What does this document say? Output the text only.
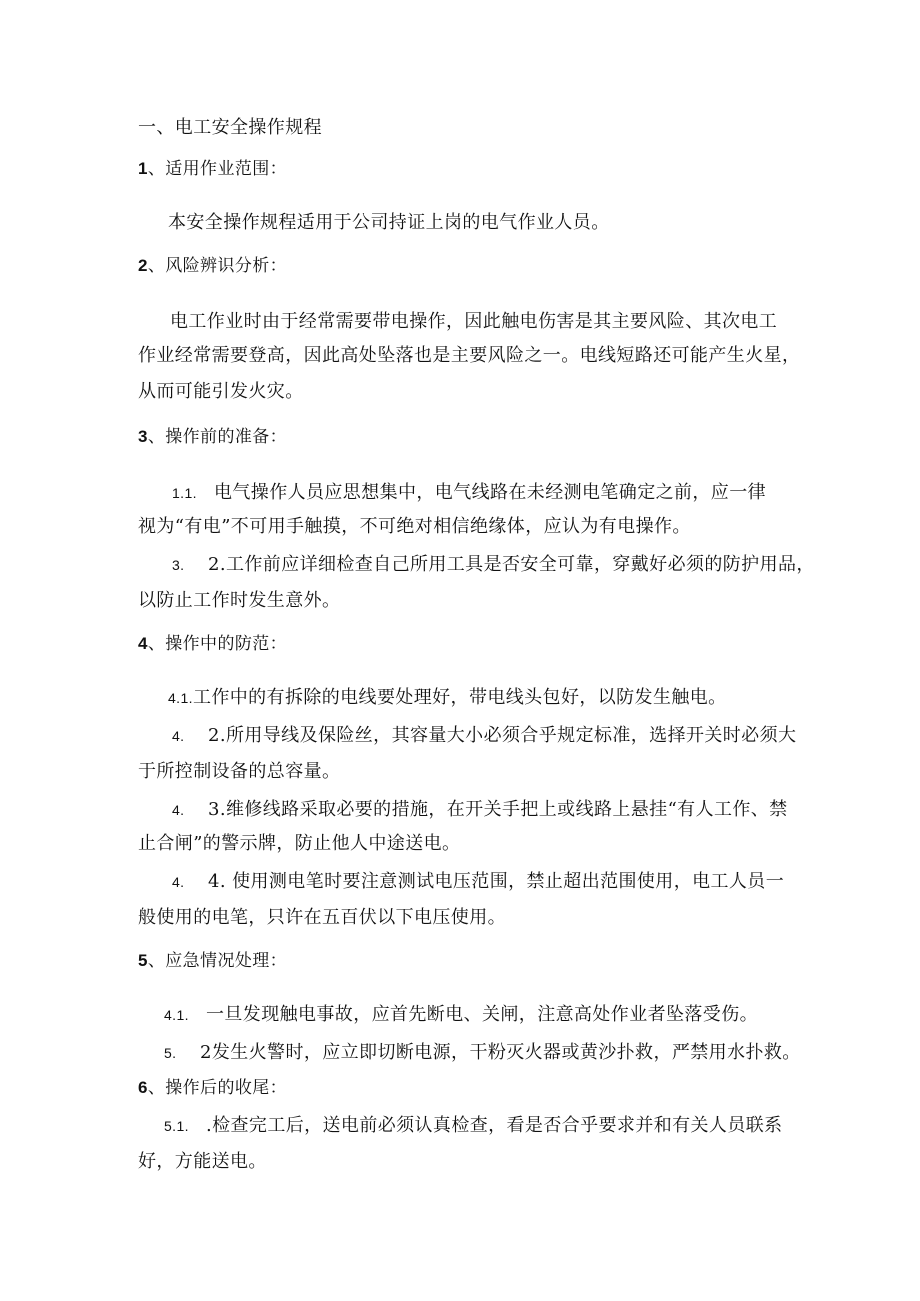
一、电工安全操作规程
1、适用作业范围：
本安全操作规程适用于公司持证上岗的电气作业人员。
2、风险辨识分析：
电工作业时由于经常需要带电操作，因此触电伤害是其主要风险、其次电工
作业经常需要登高，因此高处坠落也是主要风险之一。电线短路还可能产生火星，
从而可能引发火灾。
3、操作前的准备：
1.1. 电气操作人员应思想集中，电气线路在未经测电笔确定之前，应一律
视为“有电”不可用手触摸，不可绝对相信绝缘体，应认为有电操作。
3. 2.工作前应详细检查自己所用工具是否安全可靠，穿戴好必须的防护用品，
以防止工作时发生意外。
4、操作中的防范：
4.1.工作中的有拆除的电线要处理好，带电线头包好，以防发生触电。
4. 2.所用导线及保险丝，其容量大小必须合乎规定标准，选择开关时必须大
于所控制设备的总容量。
4. 3.维修线路采取必要的措施，在开关手把上或线路上悬挂“有人工作、禁
止合闸”的警示牌，防止他人中途送电。
4. 4. 使用测电笔时要注意测试电压范围，禁止超出范围使用，电工人员一
般使用的电笔，只许在五百伏以下电压使用。
5、应急情况处理：
4.1. 一旦发现触电事故，应首先断电、关闸，注意高处作业者坠落受伤。
5. 2发生火警时，应立即切断电源，干粉灭火器或黄沙扑救，严禁用水扑救。
6、操作后的收尾：
5.1. .检查完工后，送电前必须认真检查，看是否合乎要求并和有关人员联系
好，方能送电。
